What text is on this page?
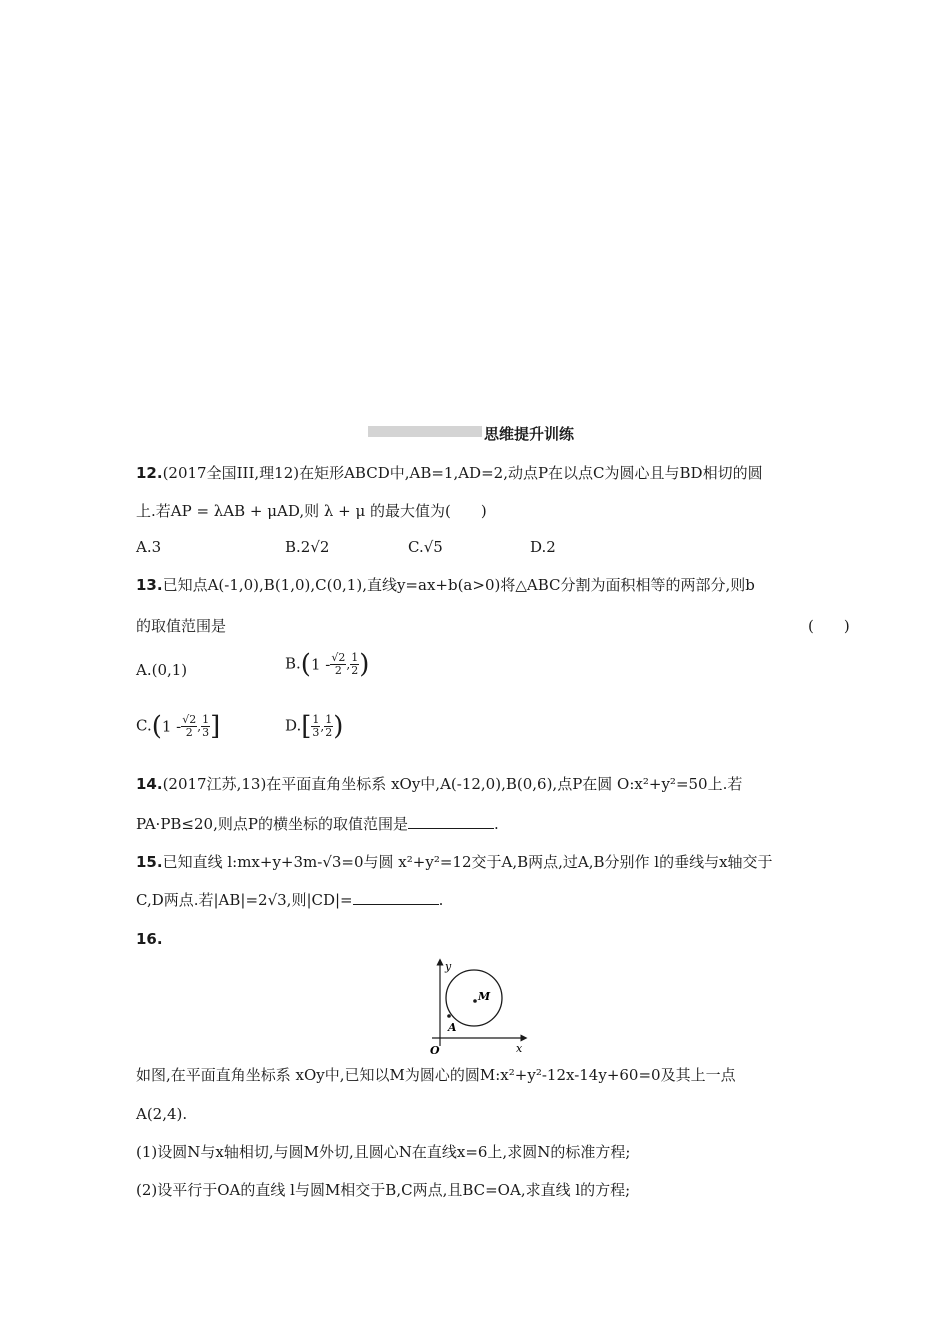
思维提升训练
12.(2017全国III,理12)在矩形ABCD中,AB=1,AD=2,动点P在以点C为圆心且与BD相切的圆
上.若AP = λAB + μAD,则 λ + μ 的最大值为(　　)
A.3	B.2√2	C.√5	D.2
13.已知点A(-1,0),B(1,0),C(0,1),直线y=ax+b(a>0)将△ABC分割为面积相等的两部分,则b
的取值范围是	(　　)
A.(0,1)	$B.(1 - \frac{√2}{2}$ , $\frac{1}{2}$ )
$C.(1 - \frac{√2}{2}$ , $\frac{1}{3}$ ]	$D.[ \frac{1}{3}$ , $\frac{1}{2}$ )
14.(2017江苏,13)在平面直角坐标系 xOy中,A(-12,0),B(0,6),点P在圆 O:x²+y²=50上.若
PA·PB≤20,则点P的横坐标的取值范围是	.
15.已知直线 l:mx+y+3m-√3=0与圆 x²+y²=12交于A,B两点,过A,B分别作 l的垂线与x轴交于
C,D两点.若|AB|=2√3,则|CD|=	.
16.
y
x
O
M
A
如图,在平面直角坐标系 xOy中,已知以M为圆心的圆M:x²+y²-12x-14y+60=0及其上一点
A(2,4).
(1)设圆N与x轴相切,与圆M外切,且圆心N在直线x=6上,求圆N的标准方程;
(2)设平行于OA的直线 l与圆M相交于B,C两点,且BC=OA,求直线 l的方程;
